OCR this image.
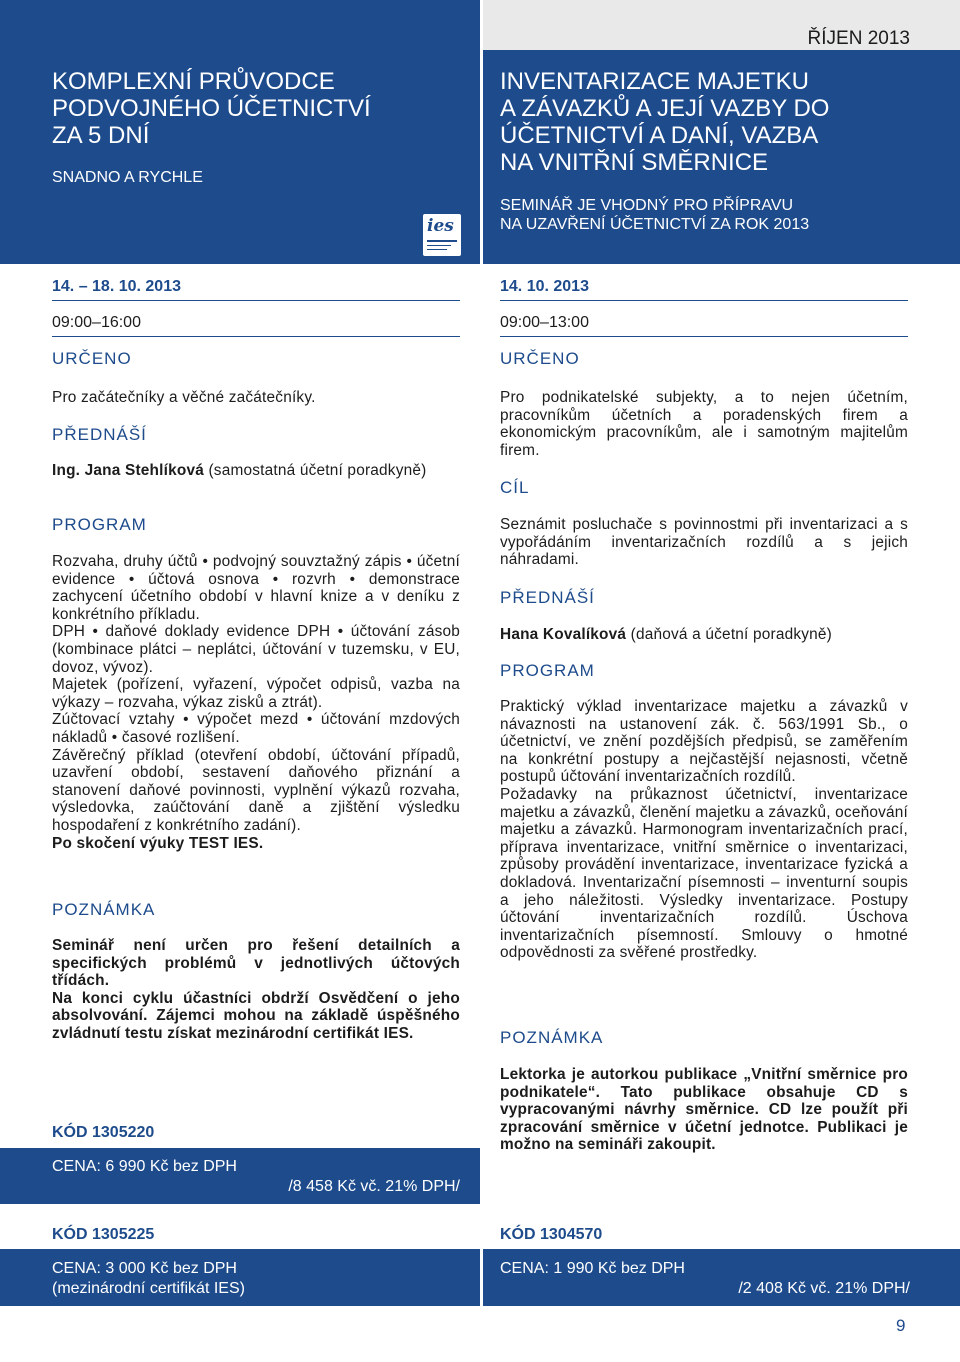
ŘÍJEN 2013
KOMPLEXNÍ PRŮVODCE
PODVOJNÉHO ÚČETNICTVÍ
ZA 5 DNÍ
SNADNO A RYCHLE
ies
INVENTARIZACE MAJETKU
A ZÁVAZKŮ A JEJÍ VAZBY DO
ÚČETNICTVÍ A DANÍ, VAZBA
NA VNITŘNÍ SMĚRNICE
SEMINÁŘ JE VHODNÝ PRO PŘÍPRAVU
NA UZAVŘENÍ ÚČETNICTVÍ ZA ROK 2013
14. – 18. 10. 2013
09:00–16:00
URČENO
Pro začátečníky a věčné začátečníky.
PŘEDNÁŠÍ
Ing. Jana Stehlíková (samostatná účetní poradkyně)
PROGRAM

Rozvaha, druhy účtů • podvojný souvztažný zápis • účetní evidence • účtová osnova • rozvrh • demonstrace zachycení účetního období v hlavní knize a v deníku z konkrétního příkladu.

DPH • daňové doklady evidence DPH • účtování zásob (kombinace plátci – neplátci, účtování v tuzemsku, v EU, dovoz, vývoz).

Majetek (pořízení, vyřazení, výpočet odpisů, vazba na výkazy – rozvaha, výkaz zisků a ztrát).

Zúčtovací vztahy • výpočet mezd • účtování mzdových nákladů • časové rozlišení.

Závěrečný příklad (otevření období, účtování případů, uzavření období, sestavení daňového přiznání a stanovení daňové povinnosti, vyplnění výkazů rozvaha, výsledovka, zaúčtování daně a zjištění výsledku hospodaření z konkrétního zadání).

Po skočení výuky TEST IES.

POZNÁMKA

Seminář není určen pro řešení detailních a specifických problémů v jednotlivých účtových třídách.

Na konci cyklu účastníci obdrží Osvědčení o jeho absolvování. Zájemci mohou na základě úspěšného zvládnutí testu získat mezinárodní certifikát IES.

KÓD 1305220
CENA: 6 990 Kč bez DPH
/8 458 Kč vč. 21% DPH/
KÓD 1305225
CENA: 3 000 Kč bez DPH
(mezinárodní certifikát IES)
14. 10. 2013
09:00–13:00
URČENO
Pro podnikatelské subjekty, a to nejen účetním, pracovníkům účetních a poradenských firem a ekonomickým pracovníkům, ale i samotným majitelům firem.
CÍL
Seznámit posluchače s povinnostmi při inventarizaci a s vypořádáním inventarizačních rozdílů a s jejich náhradami.
PŘEDNÁŠÍ
Hana Kovalíková (daňová a účetní poradkyně)
PROGRAM

Praktický výklad inventarizace majetku a závazků v návaznosti na ustanovení zák. č. 563/1991 Sb., o účetnictví, ve znění pozdějších předpisů, se zaměřením na konkrétní postupy a nejčastější nejasnosti, včetně postupů účtování inventarizačních rozdílů.

Požadavky na průkaznost účetnictví, inventarizace majetku a závazků, členění majetku a závazků, oceňování majetku a závazků. Harmonogram inventarizačních prací, příprava inventarizace, vnitřní směrnice o inventarizaci, způsoby provádění inventarizace, inventarizace fyzická a dokladová. Inventarizační písemnosti – inventurní soupis a jeho náležitosti. Výsledky inventarizace. Postupy účtování inventarizačních rozdílů. Úschova inventarizačních písemností. Smlouvy o hmotné odpovědnosti za svěřené prostředky.

POZNÁMKA
Lektorka je autorkou publikace „Vnitřní směrnice pro podnikatele“. Tato publikace obsahuje CD s vypracovanými návrhy směrnice. CD lze použít při zpracování směrnice v účetní jednotce. Publikaci je možno na semináři zakoupit.
KÓD 1304570
CENA: 1 990 Kč bez DPH
/2 408 Kč vč. 21% DPH/
9
